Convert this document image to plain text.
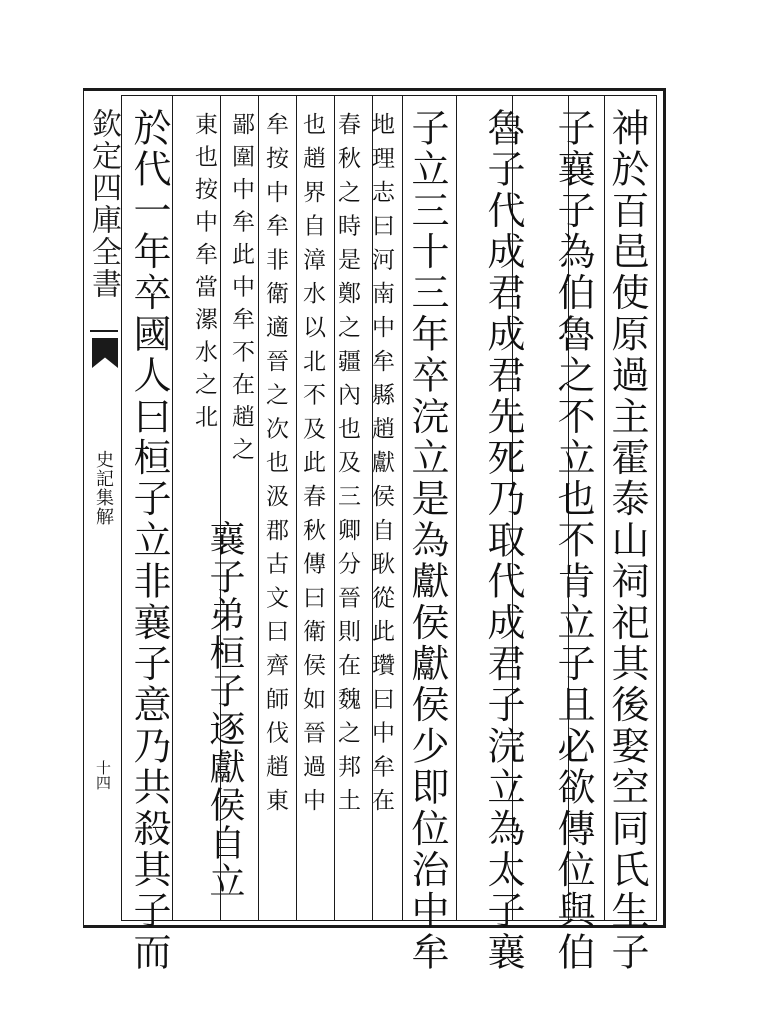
欽定四庫全書
史記集解
十四	神於百邑使原過主霍泰山祠祀其後娶空同氏生子
子襄子為伯魯之不立也不肯立子且必欲傳位與伯
魯子代成君成君先死乃取代成君子浣立為太子襄
子立三十三年卒浣立是為獻侯獻侯少即位治中牟
地理志曰河南中牟縣趙獻侯自耿從此瓚曰中牟在
春秋之時是鄭之疆內也及三卿分晉則在魏之邦土
也趙界自漳水以北不及此春秋傳曰衛侯如晉過中
牟按中牟非衛適晉之次也汲郡古文曰齊師伐趙東
鄙圍中牟此中牟不在趙之
東也按中牟當漯水之北
襄子弟桓子逐獻侯自立
於代一年卒國人曰桓子立非襄子意乃共殺其子而
